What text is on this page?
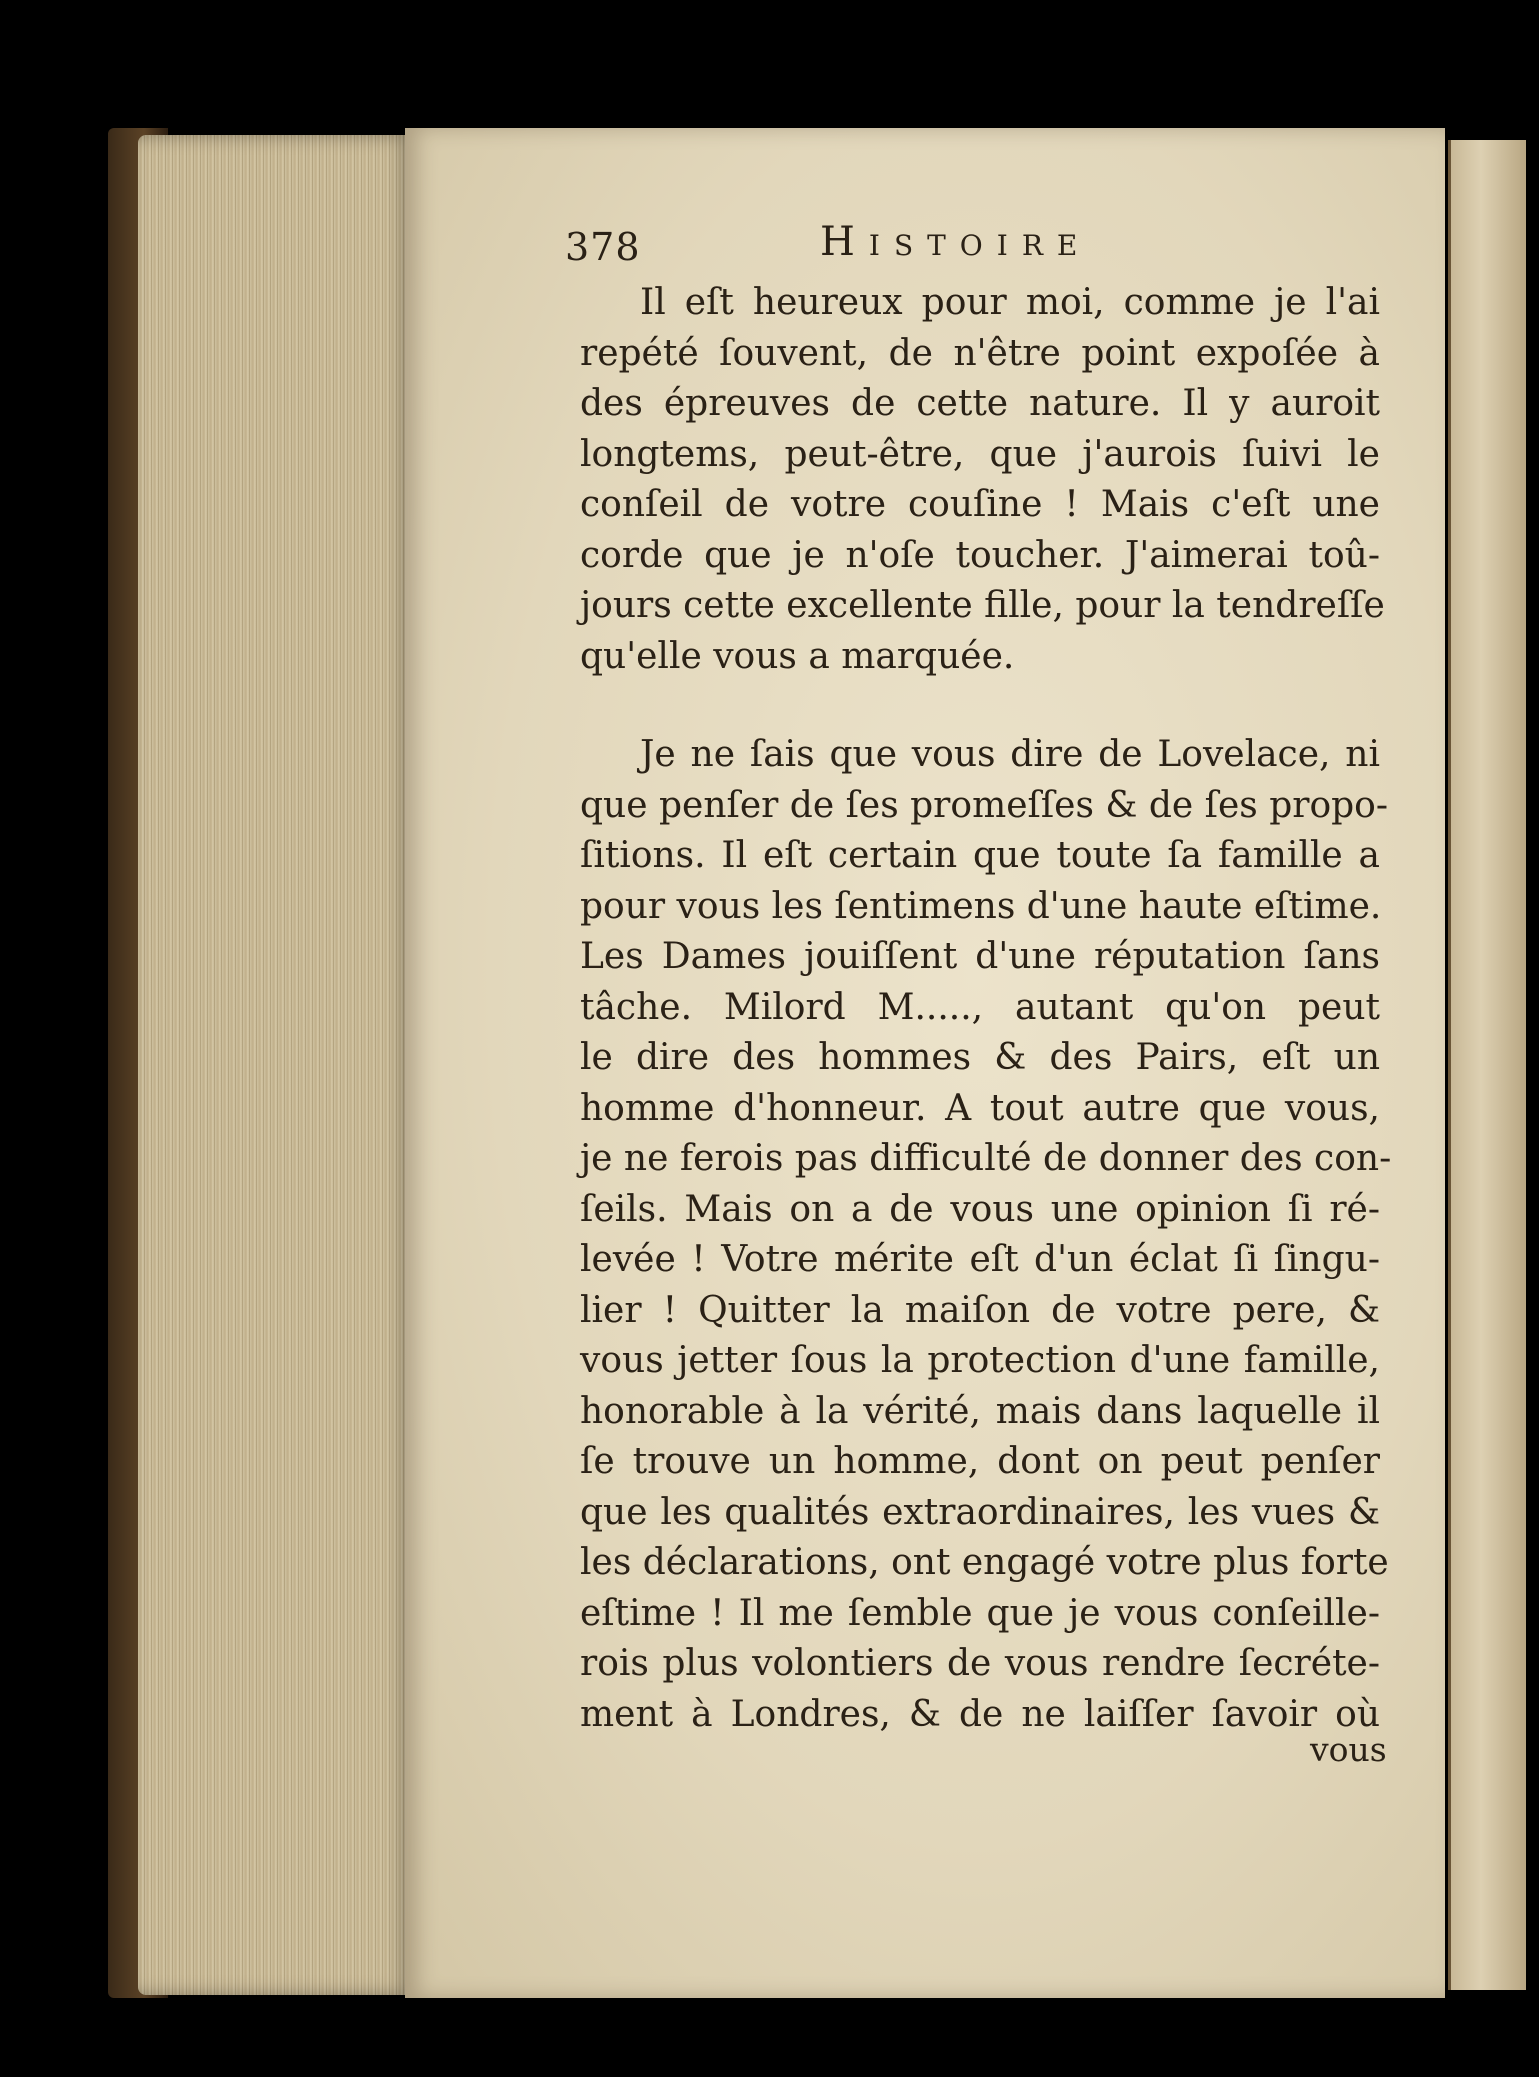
378	Histoire
Il eſt heureux pour moi, comme je l'ai
repété ſouvent, de n'être point expoſée à
des épreuves de cette nature. Il y auroit
longtems, peut-être, que j'aurois ſuivi le
conſeil de votre couſine ! Mais c'eſt une
corde que je n'oſe toucher. J'aimerai toû-
jours cette excellente fille, pour la tendreſſe
qu'elle vous a marquée.
Je ne ſais que vous dire de Lovelace, ni
que penſer de ſes promeſſes & de ſes propo-
ſitions. Il eſt certain que toute ſa famille a
pour vous les ſentimens d'une haute eſtime.
Les Dames jouiſſent d'une réputation ſans
tâche. Milord M....., autant qu'on peut
le dire des hommes & des Pairs, eſt un
homme d'honneur. A tout autre que vous,
je ne ferois pas difficulté de donner des con-
ſeils. Mais on a de vous une opinion ſi ré-
levée ! Votre mérite eſt d'un éclat ſi ſingu-
lier ! Quitter la maiſon de votre pere, &
vous jetter ſous la protection d'une famille,
honorable à la vérité, mais dans laquelle il
ſe trouve un homme, dont on peut penſer
que les qualités extraordinaires, les vues &
les déclarations, ont engagé votre plus forte
eſtime ! Il me ſemble que je vous conſeille-
rois plus volontiers de vous rendre ſecréte-
ment à Londres, & de ne laiſſer ſavoir où
vous
